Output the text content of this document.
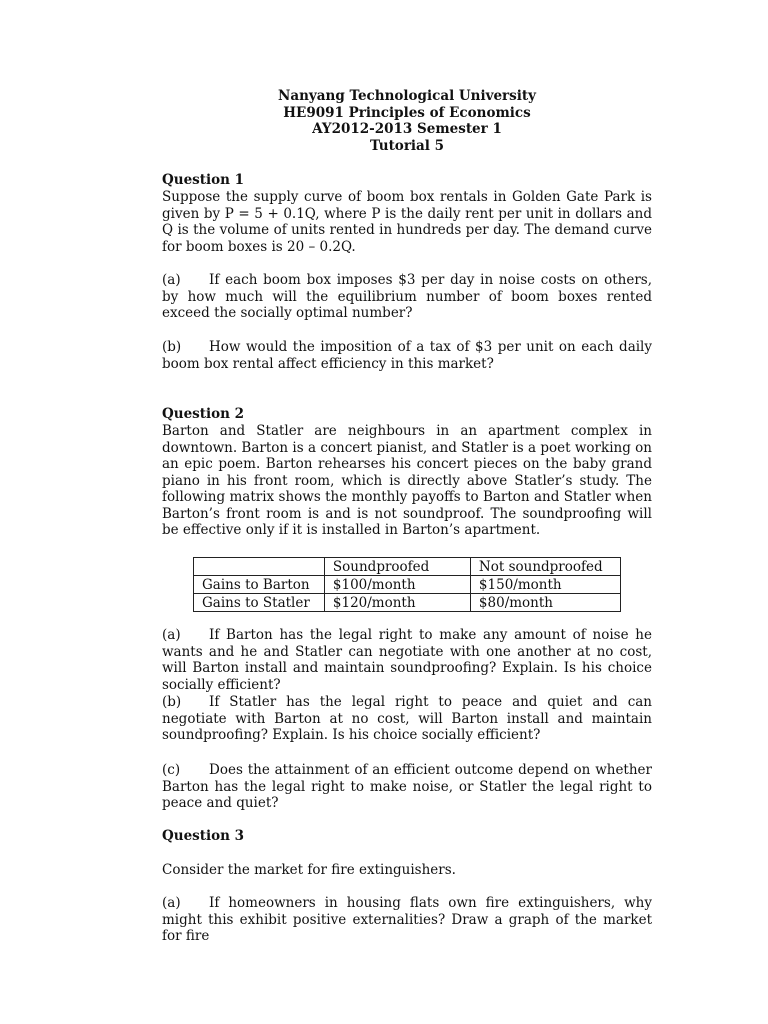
Nanyang Technological University
HE9091 Principles of Economics
AY2012-2013 Semester 1
Tutorial 5
Question 1
Suppose the supply curve of boom box rentals in Golden Gate Park is given by P = 5 + 0.1Q, where P is the daily rent per unit in dollars and Q is the volume of units rented in hundreds per day. The demand curve for boom boxes is 20 – 0.2Q.
(a) If each boom box imposes $3 per day in noise costs on others, by how much will the equilibrium number of boom boxes rented exceed the socially optimal number?
(b) How would the imposition of a tax of $3 per unit on each daily boom box rental affect efficiency in this market?
Question 2
Barton and Statler are neighbours in an apartment complex in downtown. Barton is a concert pianist, and Statler is a poet working on an epic poem. Barton rehearses his concert pieces on the baby grand piano in his front room, which is directly above Statler’s study. The following matrix shows the monthly payoffs to Barton and Statler when Barton’s front room is and is not soundproof. The soundproofing will be effective only if it is installed in Barton’s apartment.
	Soundproofed	Not soundproofed
Gains to Barton	$100/month	$150/month
Gains to Statler	$120/month	$80/month
(a) If Barton has the legal right to make any amount of noise he wants and he and Statler can negotiate with one another at no cost, will Barton install and maintain soundproofing? Explain. Is his choice socially efficient?
(b) If Statler has the legal right to peace and quiet and can negotiate with Barton at no cost, will Barton install and maintain soundproofing? Explain. Is his choice socially efficient?
(c) Does the attainment of an efficient outcome depend on whether Barton has the legal right to make noise, or Statler the legal right to peace and quiet?
Question 3
Consider the market for fire extinguishers.
(a) If homeowners in housing flats own fire extinguishers, why might this exhibit positive externalities? Draw a graph of the market for fire
